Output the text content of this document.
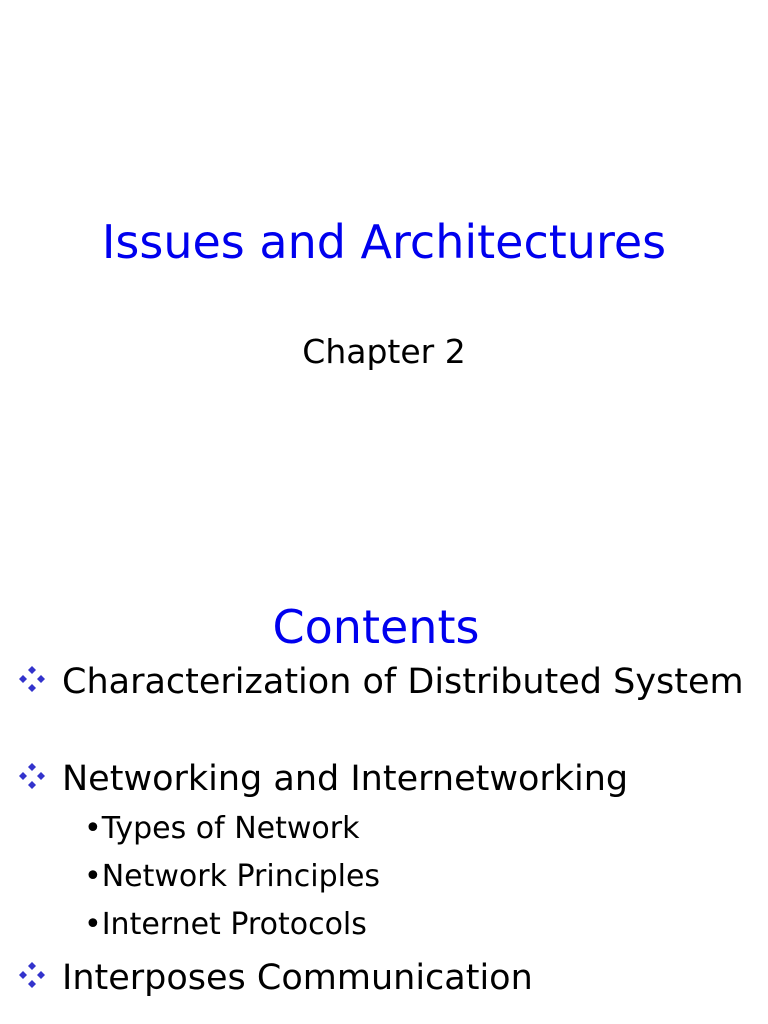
Issues and Architectures
Chapter 2
Contents
Characterization of Distributed System
Networking and Internetworking
•Types of Network
•Network Principles
•Internet Protocols
Interposes Communication
